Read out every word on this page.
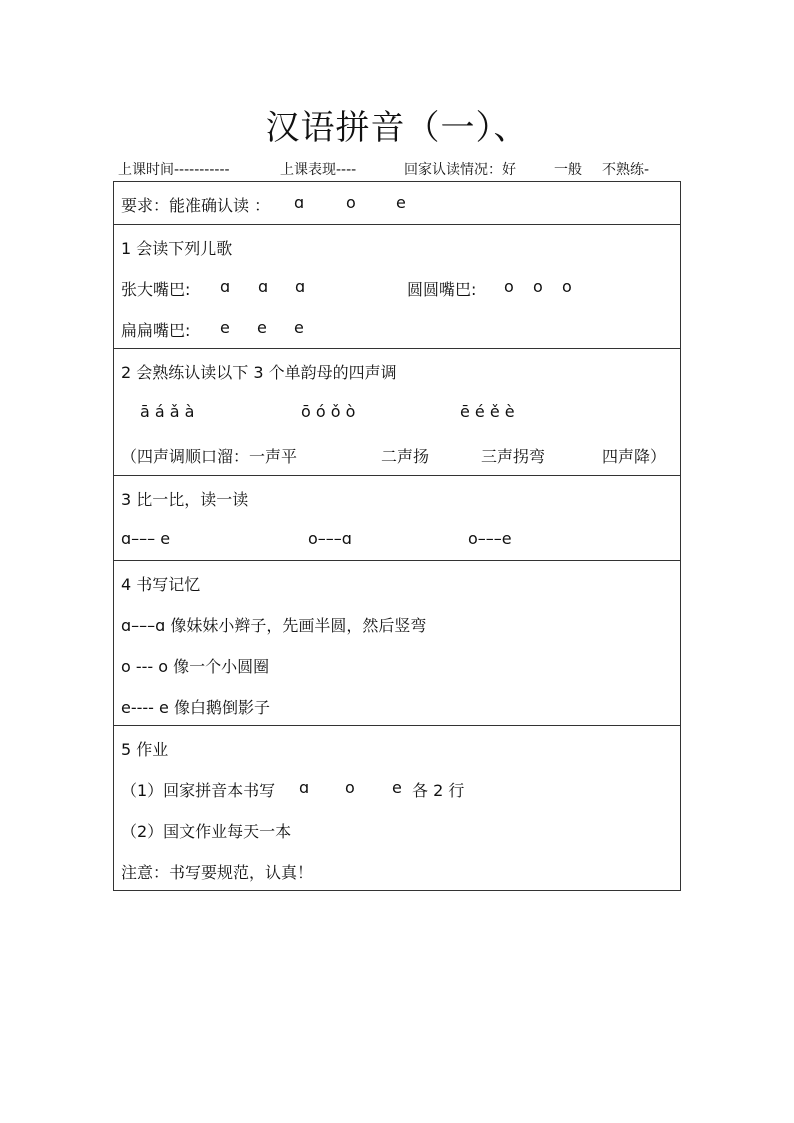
汉语拼音（一）、
上课时间-----------	上课表现----	回家认读情况：好	一般 不熟练-
要求：能准确认读 ： ɑ	o	e
1 会读下列儿歌
张大嘴巴: ɑ ɑ ɑ	圆圆嘴巴: o o o
扁扁嘴巴: e e e
2 会熟练认读以下 3 个单韵母的四声调
ā á ǎ à	ō ó ǒ ò	ē é ě è
（四声调顺口溜：一声平	二声扬	三声拐弯	四声降）
3 比一比，读一读
ɑ––– e	o–––ɑ	o–––e
4 书写记忆
ɑ–––ɑ 像妹妹小辫子，先画半圆，然后竖弯
o --- o 像一个小圆圈
e---- e 像白鹅倒影子
5 作业
（1）回家拼音本书写 ɑ o e 各 2 行
（2）国文作业每天一本
注意：书写要规范，认真！
